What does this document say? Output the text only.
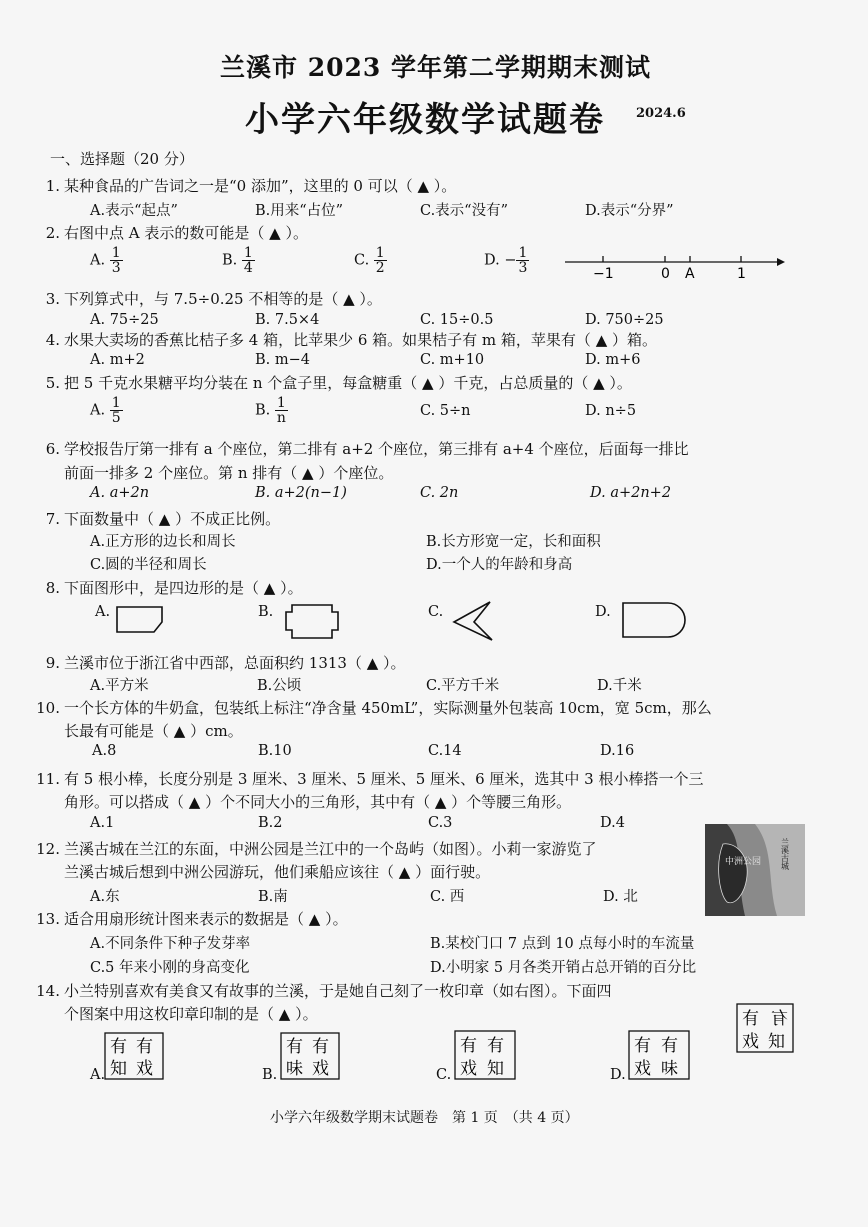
兰溪市 2023 学年第二学期期末测试
小学六年级数学试题卷 2024.6
一、选择题（20 分）
1. 某种食品的广告词之一是“0 添加”，这里的 0 可以（ ▲ ）。
A.表示“起点”	B.用来“占位”	C.表示“没有”	D.表示“分界”
2. 右图中点 A 表示的数可能是（ ▲ ）。
A. $\frac{1}{3}$	B. $\frac{1}{4}$	C. $\frac{1}{2}$	D. − $\frac{1}{3}$	−1	0 A	1
3. 下列算式中，与 7.5÷0.25 不相等的是（ ▲ ）。
A. 75÷25	B. 7.5×4	C. 15÷0.5	D. 750÷25
4. 水果大卖场的香蕉比桔子多 4 箱，比苹果少 6 箱。如果桔子有 m 箱，苹果有（ ▲ ）箱。
A. m+2	B. m−4	C. m+10	D. m+6
5. 把 5 千克水果糖平均分装在 n 个盒子里，每盒糖重（ ▲ ）千克，占总质量的（ ▲ ）。
A. $\frac{1}{5}$	B. $\frac{1}{n}$	C. 5÷n	D. n÷5
6. 学校报告厅第一排有 a 个座位，第二排有 a+2 个座位，第三排有 a+4 个座位，后面每一排比
前面一排多 2 个座位。第 n 排有（ ▲ ）个座位。
A. a+2n	B. a+2(n−1)	C. 2n	D. a+2n+2
7. 下面数量中（ ▲ ）不成正比例。
A.正方形的边长和周长	B.长方形宽一定，长和面积
C.圆的半径和周长	D.一个人的年龄和身高
8. 下面图形中，是四边形的是（ ▲ ）。
A.	B.	C.	D.
9. 兰溪市位于浙江省中西部，总面积约 1313（ ▲ ）。
A.平方米	B.公顷	C.平方千米	D.千米
10. 一个长方体的牛奶盒，包装纸上标注“净含量 450mL”，实际测量外包装高 10cm，宽 5cm，那么
长最有可能是（ ▲ ）cm。
A.8	B.10	C.14	D.16
11. 有 5 根小棒，长度分别是 3 厘米、3 厘米、5 厘米、5 厘米、6 厘米，选其中 3 根小棒搭一个三
角形。可以搭成（ ▲ ）个不同大小的三角形，其中有（ ▲ ）个等腰三角形。
A.1	B.2	C.3	D.4
12. 兰溪古城在兰江的东面，中洲公园是兰江中的一个岛屿（如图）。小莉一家游览了
兰溪古城后想到中洲公园游玩，他们乘船应该往（ ▲ ）面行驶。
A.东	B.南	C. 西	D. 北
中洲公园 兰溪古城
13. 适合用扇形统计图来表示的数据是（ ▲ ）。
A.不同条件下种子发芽率	B.某校门口 7 点到 10 点每小时的车流量
C.5 年来小刚的身高变化	D.小明家 5 月各类开销占总开销的百分比
14. 小兰特别喜欢有美食又有故事的兰溪，于是她自己刻了一枚印章（如右图）。下面四
个图案中用这枚印章印制的是（ ▲ ）。	有
有
戏 知
A.
有 有
知 戏	B.
有 有
味 戏	C.
有 有
戏 知	D.
有 有
戏 味
小学六年级数学期末试题卷　第 1 页　（共 4 页）
